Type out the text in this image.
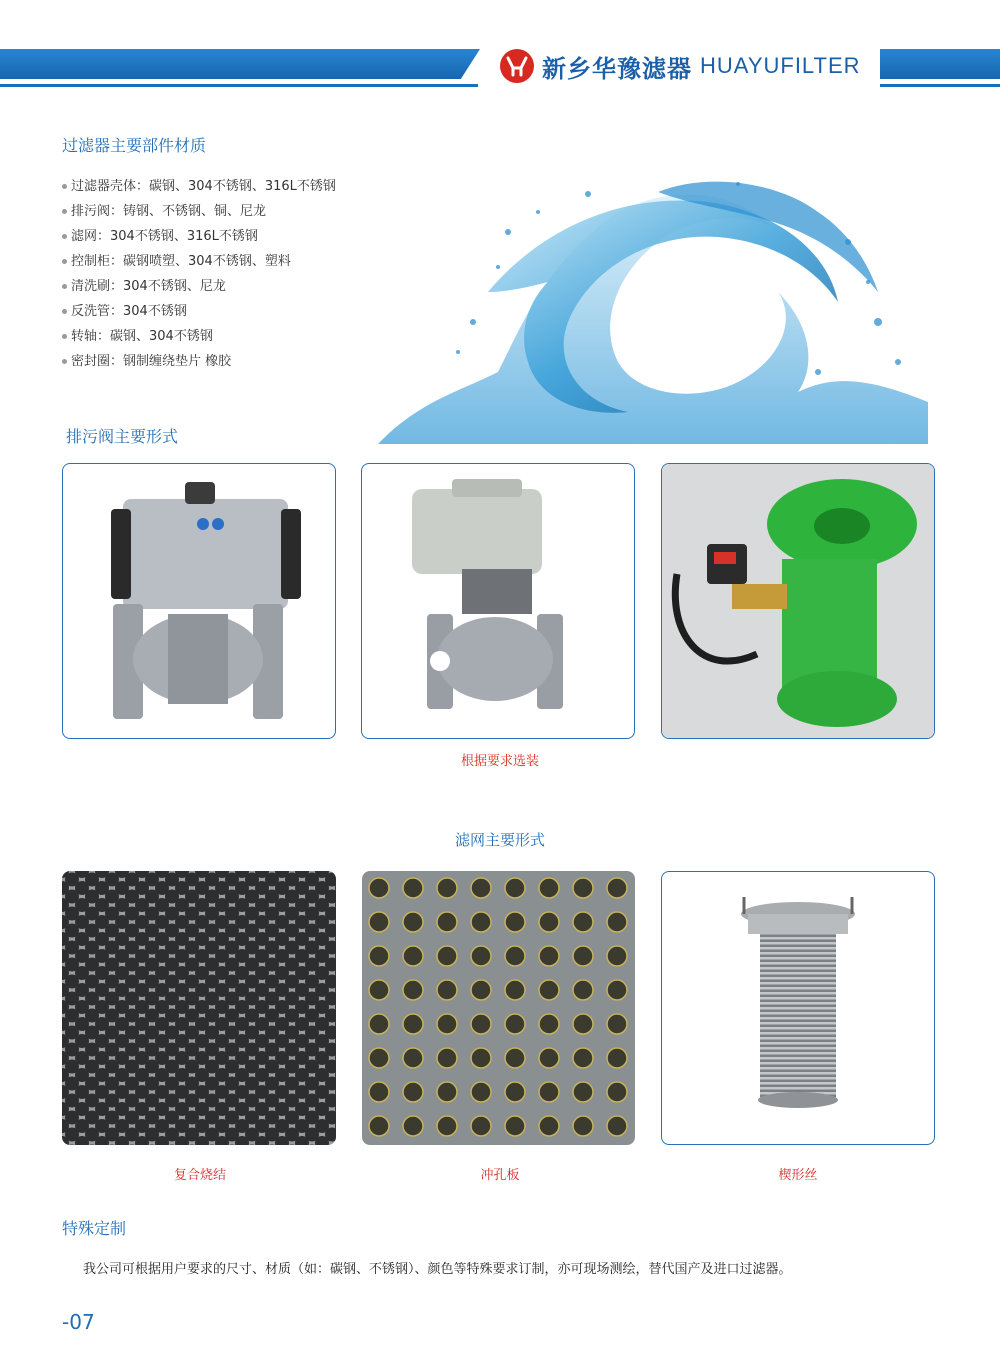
新乡华豫滤器 HUAYUFILTER
过滤器主要部件材质
过滤器壳体：碳钢、304不锈钢、316L不锈钢
排污阀：铸钢、不锈钢、铜、尼龙
滤网：304不锈钢、316L不锈钢
控制柜：碳钢喷塑、304不锈钢、塑料
清洗刷：304不锈钢、尼龙
反洗管：304不锈钢
转轴：碳钢、304不锈钢
密封圈：钢制缠绕垫片 橡胶
排污阀主要形式
根据要求选装
滤网主要形式
复合烧结	冲孔板	楔形丝
特殊定制
我公司可根据用户要求的尺寸、材质（如：碳钢、不锈钢）、颜色等特殊要求订制，亦可现场测绘，替代国产及进口过滤器。
-07
